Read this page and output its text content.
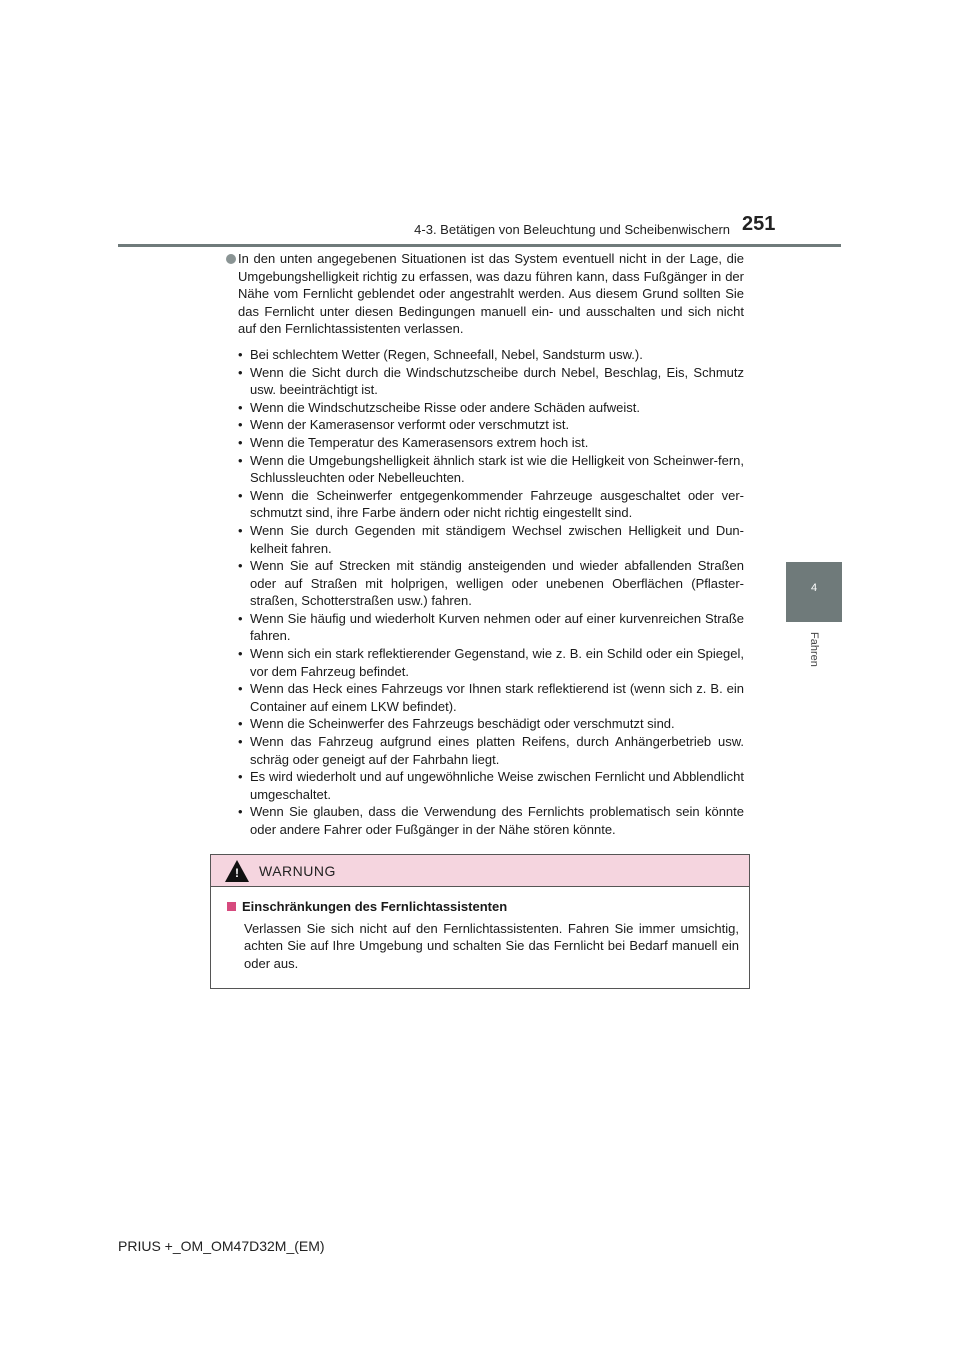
4-3. Betätigen von Beleuchtung und Scheibenwischern 251
4
Fahren
In den unten angegebenen Situationen ist das System eventuell nicht in der Lage, die Umgebungshelligkeit richtig zu erfassen, was dazu führen kann, dass Fußgänger in der Nähe vom Fernlicht geblendet oder angestrahlt werden. Aus diesem Grund sollten Sie das Fernlicht unter diesen Bedingungen manuell ein- und ausschalten und sich nicht auf den Fernlichtassistenten verlassen.
• Bei schlechtem Wetter (Regen, Schneefall, Nebel, Sandsturm usw.).
• Wenn die Sicht durch die Windschutzscheibe durch Nebel, Beschlag, Eis, Schmutz usw. beeinträchtigt ist.
• Wenn die Windschutzscheibe Risse oder andere Schäden aufweist.
• Wenn der Kamerasensor verformt oder verschmutzt ist.
• Wenn die Temperatur des Kamerasensors extrem hoch ist.
• Wenn die Umgebungshelligkeit ähnlich stark ist wie die Helligkeit von Scheinwer-fern, Schlussleuchten oder Nebelleuchten.
• Wenn die Scheinwerfer entgegenkommender Fahrzeuge ausgeschaltet oder ver-schmutzt sind, ihre Farbe ändern oder nicht richtig eingestellt sind.
• Wenn Sie durch Gegenden mit ständigem Wechsel zwischen Helligkeit und Dun-kelheit fahren.
• Wenn Sie auf Strecken mit ständig ansteigenden und wieder abfallenden Straßen oder auf Straßen mit holprigen, welligen oder unebenen Oberflächen (Pflaster-straßen, Schotterstraßen usw.) fahren.
• Wenn Sie häufig und wiederholt Kurven nehmen oder auf einer kurvenreichen Straße fahren.
• Wenn sich ein stark reflektierender Gegenstand, wie z. B. ein Schild oder ein Spiegel, vor dem Fahrzeug befindet.
• Wenn das Heck eines Fahrzeugs vor Ihnen stark reflektierend ist (wenn sich z. B. ein Container auf einem LKW befindet).
• Wenn die Scheinwerfer des Fahrzeugs beschädigt oder verschmutzt sind.
• Wenn das Fahrzeug aufgrund eines platten Reifens, durch Anhängerbetrieb usw. schräg oder geneigt auf der Fahrbahn liegt.
• Es wird wiederholt und auf ungewöhnliche Weise zwischen Fernlicht und Abblendlicht umgeschaltet.
• Wenn Sie glauben, dass die Verwendung des Fernlichts problematisch sein könnte oder andere Fahrer oder Fußgänger in der Nähe stören könnte.
! WARNUNG
Einschränkungen des Fernlichtassistenten
Verlassen Sie sich nicht auf den Fernlichtassistenten. Fahren Sie immer umsichtig, achten Sie auf Ihre Umgebung und schalten Sie das Fernlicht bei Bedarf manuell ein oder aus.
PRIUS +_OM_OM47D32M_(EM)
